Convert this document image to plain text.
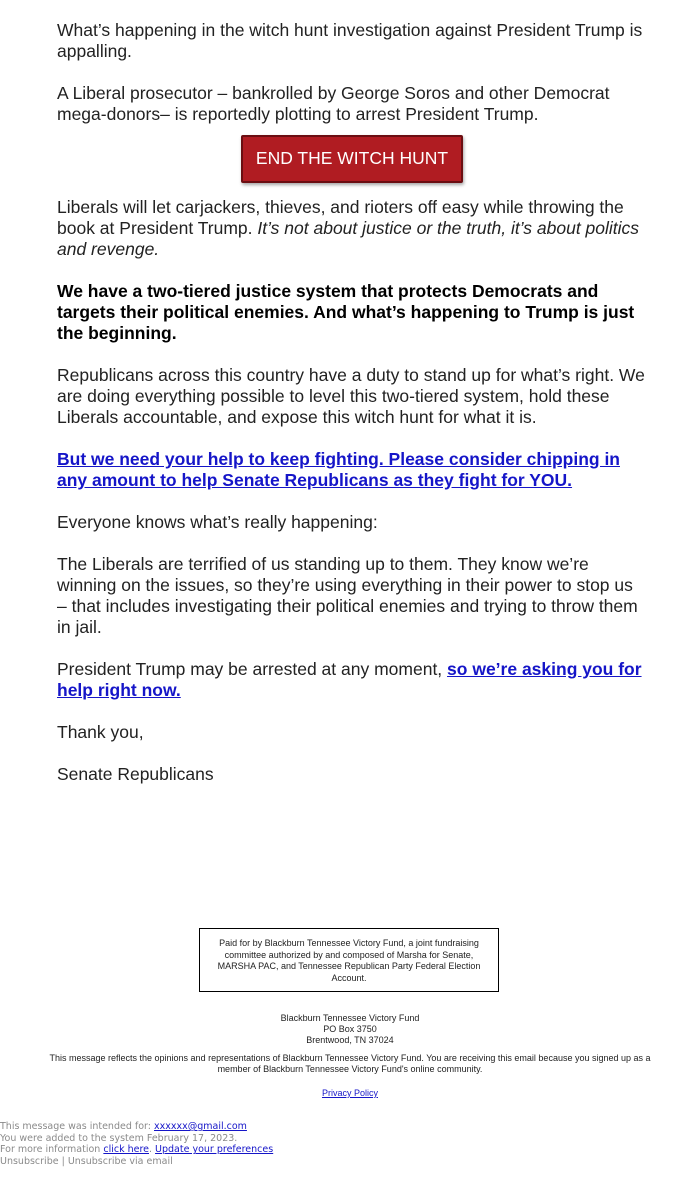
What’s happening in the witch hunt investigation against President Trump is appalling.

A Liberal prosecutor – bankrolled by George Soros and other Democrat mega-donors– is reportedly plotting to arrest President Trump.

END THE WITCH HUNT

Liberals will let carjackers, thieves, and rioters off easy while throwing the book at President Trump. It’s not about justice or the truth, it’s about politics and revenge.

We have a two-tiered justice system that protects Democrats and targets their political enemies. And what’s happening to Trump is just the beginning.

Republicans across this country have a duty to stand up for what’s right. We are doing everything possible to level this two-tiered system, hold these Liberals accountable, and expose this witch hunt for what it is.

But we need your help to keep fighting. Please consider chipping in any amount to help Senate Republicans as they fight for YOU.

Everyone knows what’s really happening:

The Liberals are terrified of us standing up to them. They know we’re winning on the issues, so they’re using everything in their power to stop us – that includes investigating their political enemies and trying to throw them in jail.

President Trump may be arrested at any moment, so we’re asking you for help right now.

Thank you,

Senate Republicans

Paid for by Blackburn Tennessee Victory Fund, a joint fundraising committee authorized by and composed of Marsha for Senate, MARSHA PAC, and Tennessee Republican Party Federal Election Account.
Blackburn Tennessee Victory Fund
PO Box 3750
Brentwood, TN 37024
This message reflects the opinions and representations of Blackburn Tennessee Victory Fund. You are receiving this email because you signed up as a member of Blackburn Tennessee Victory Fund's online community.
Privacy Policy
This message was intended for: xxxxxx@gmail.com
You were added to the system February 17, 2023.
For more information click here. Update your preferences
Unsubscribe | Unsubscribe via email
